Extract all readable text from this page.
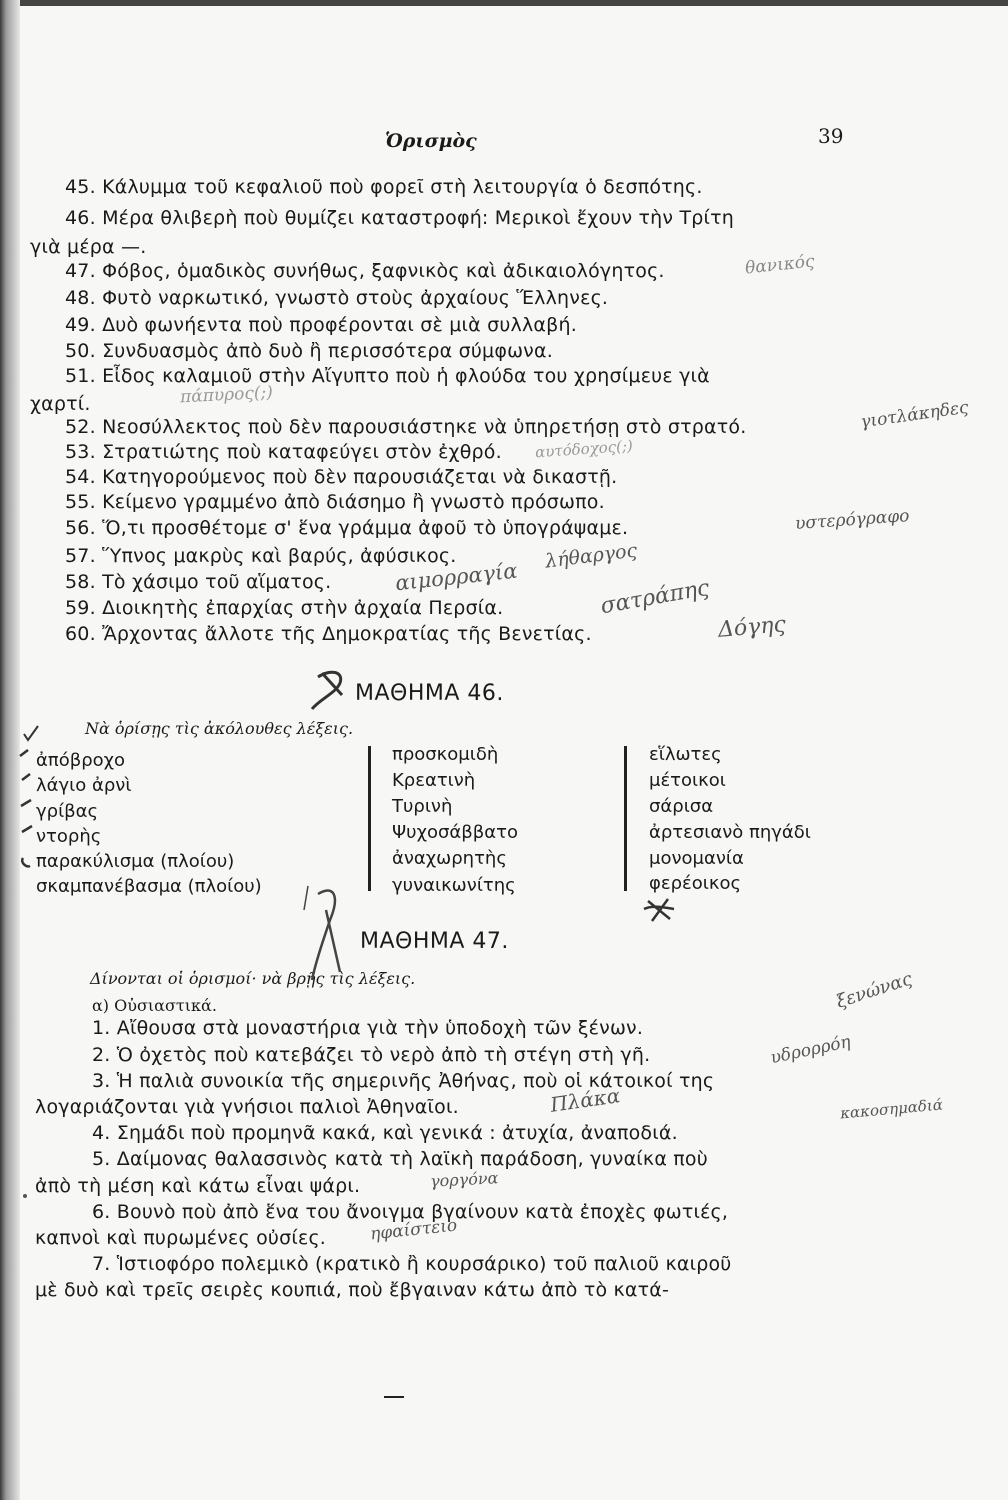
Ὁρισμὸς	39
45. Κάλυμμα τοῦ κεφαλιοῦ ποὺ φορεῖ στὴ λειτουργία ὁ δεσπότης.
46. Μέρα θλιβερὴ ποὺ θυμίζει καταστροφή: Μερικοὶ ἔχουν τὴν Τρίτη
γιὰ μέρα —.
47. Φόβος, ὁμαδικὸς συνήθως, ξαφνικὸς καὶ ἀδικαιολόγητος.
48. Φυτὸ ναρκωτικό, γνωστὸ στοὺς ἀρχαίους Ἕλληνες.
49. Δυὸ φωνήεντα ποὺ προφέρονται σὲ μιὰ συλλαβή.
50. Συνδυασμὸς ἀπὸ δυὸ ἢ περισσότερα σύμφωνα.
51. Εἶδος καλαμιοῦ στὴν Αἴγυπτο ποὺ ἡ φλούδα του χρησίμευε γιὰ
χαρτί.
52. Νεοσύλλεκτος ποὺ δὲν παρουσιάστηκε νὰ ὑπηρετήσῃ στὸ στρατό.
53. Στρατιώτης ποὺ καταφεύγει στὸν ἐχθρό.
54. Κατηγορούμενος ποὺ δὲν παρουσιάζεται νὰ δικαστῇ.
55. Κείμενο γραμμένο ἀπὸ διάσημο ἢ γνωστὸ πρόσωπο.
56. Ὅ,τι προσθέτομε σ' ἕνα γράμμα ἀφοῦ τὸ ὑπογράψαμε.
57. Ὕπνος μακρὺς καὶ βαρύς, ἀφύσικος.
58. Τὸ χάσιμο τοῦ αἵματος.
59. Διοικητὴς ἐπαρχίας στὴν ἀρχαία Περσία.
60. Ἄρχοντας ἄλλοτε τῆς Δημοκρατίας τῆς Βενετίας.
ΜΑΘΗΜΑ 46.
Νὰ ὁρίσῃς τὶς ἀκόλουθες λέξεις.
ἀπόβροχο
λάγιο ἀρνὶ
γρίβας
ντορὴς
παρακύλισμα (πλοίου)
σκαμπανέβασμα (πλοίου)
προσκομιδὴ
Κρεατινὴ
Τυρινὴ
Ψυχοσάββατο
ἀναχωρητὴς
γυναικωνίτης
εἵλωτες
μέτοικοι
σάρισα
ἀρτεσιανὸ πηγάδι
μονομανία
φερέοικος
ΜΑΘΗΜΑ 47.
Δίνονται οἱ ὁρισμοί· νὰ βρῇς τὶς λέξεις.
α) Οὐσιαστικά.
1. Αἴθουσα στὰ μοναστήρια γιὰ τὴν ὑποδοχὴ τῶν ξένων.
2. Ὁ ὀχετὸς ποὺ κατεβάζει τὸ νερὸ ἀπὸ τὴ στέγη στὴ γῆ.
3. Ἡ παλιὰ συνοικία τῆς σημερινῆς Ἀθήνας, ποὺ οἱ κάτοικοί της
λογαριάζονται γιὰ γνήσιοι παλιοὶ Ἀθηναῖοι.
4. Σημάδι ποὺ προμηνᾶ κακά, καὶ γενικά : ἀτυχία, ἀναποδιά.
5. Δαίμονας θαλασσινὸς κατὰ τὴ λαϊκὴ παράδοση, γυναίκα ποὺ
ἀπὸ τὴ μέση καὶ κάτω εἶναι ψάρι.
6. Βουνὸ ποὺ ἀπὸ ἕνα του ἄνοιγμα βγαίνουν κατὰ ἐποχὲς φωτιές,
καπνοὶ καὶ πυρωμένες οὐσίες.
7. Ἱστιοφόρο πολεμικὸ (κρατικὸ ἢ κουρσάρικο) τοῦ παλιοῦ καιροῦ
μὲ δυὸ καὶ τρεῖς σειρὲς κουπιά, ποὺ ἔβγαιναν κάτω ἀπὸ τὸ κατά-
θανικός
πάπυρος(;)
γιοτλάκηδες
αυτόδοχος(;)
υστερόγραφο
λήθαργος
αιμορραγία	σατράπης
Δόγης
ξενώνας
υδρορρόη
Πλάκα
γοργόνα
ηφαίστειο
κακοσημαδιά
